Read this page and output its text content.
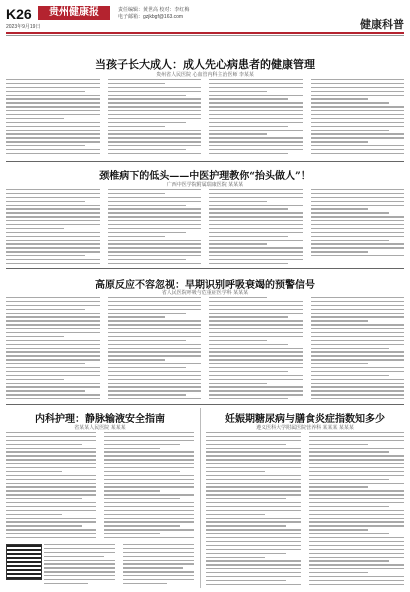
K26
2023年9月19日
贵州健康报	责任编辑：黄世高 校对：李红梅
电子邮箱：gzjkbgf@163.com
健康科普
当孩子长大成人：成人先心病患者的健康管理
贵州省人民医院 心血管内科主治医师 李某某
颈椎病下的低头——中医护理教你“抬头做人”！
广西中医学院附属瑞康医院 某某某
高原反应不容忽视：早期识别呼吸衰竭的预警信号
省人民医院呼吸与危重症医学科 某某某
内科护理：静脉输液安全指南
省某某人民医院 某某某
妊娠期糖尿病与膳食炎症指数知多少
遵义医科大学附属医院营养科 某某某 某某某
